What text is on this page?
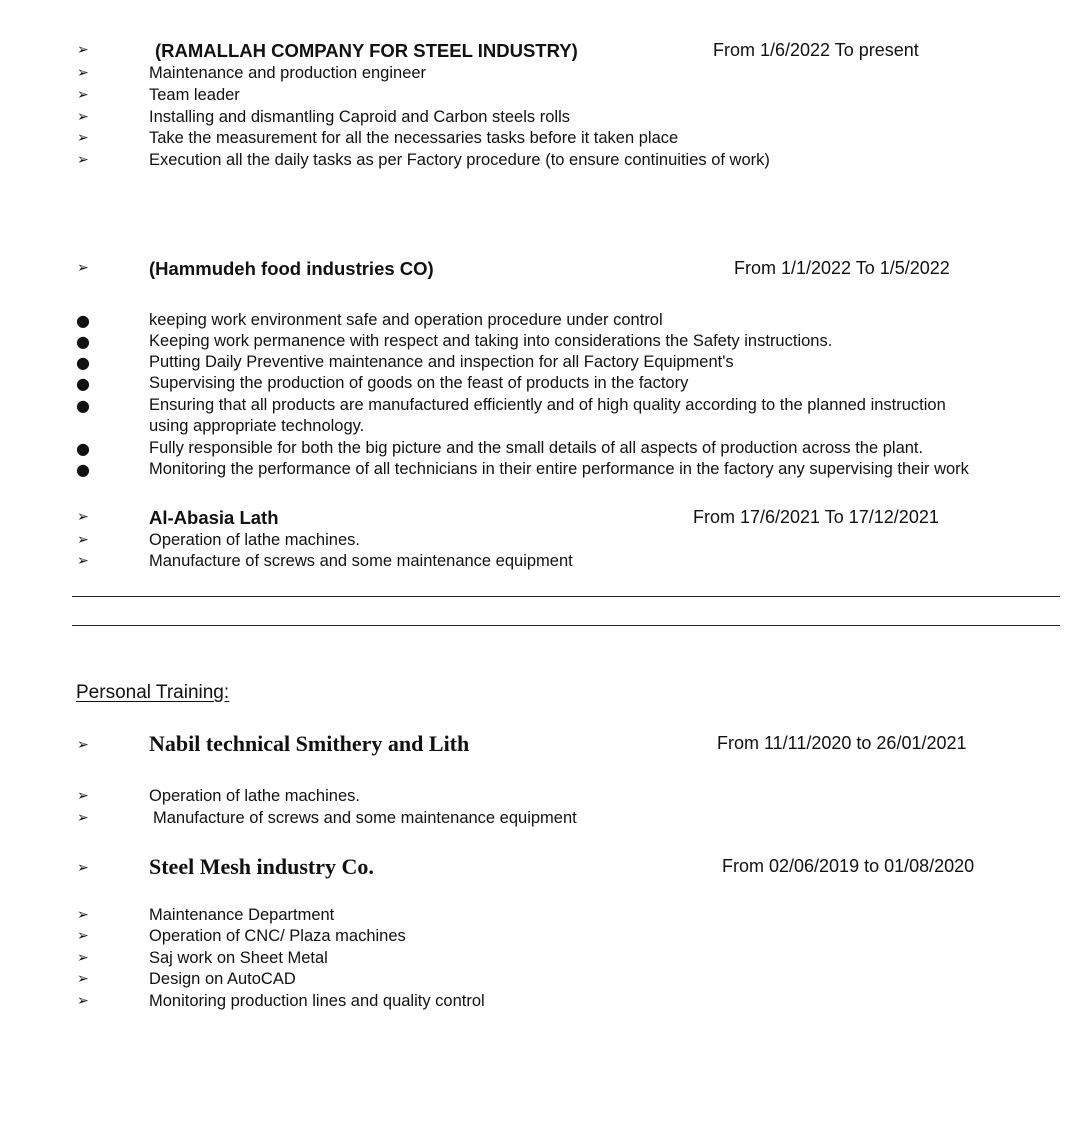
➢	(RAMALLAH COMPANY FOR STEEL INDUSTRY)	From 1/6/2022 To present
➢	Maintenance and production engineer
➢	Team leader
➢	Installing and dismantling Caproid and Carbon steels rolls
➢	Take the measurement for all the necessaries tasks before it taken place
➢	Execution all the daily tasks as per Factory procedure (to ensure continuities of work)
➢	(Hammudeh food industries CO)	From 1/1/2022 To 1/5/2022
●	keeping work environment safe and operation procedure under control
●	Keeping work permanence with respect and taking into considerations the Safety instructions.
●	Putting Daily Preventive maintenance and inspection for all Factory Equipment's
●	Supervising the production of goods on the feast of products in the factory
●	Ensuring that all products are manufactured efficiently and of high quality according to the planned instruction
using appropriate technology.
●	Fully responsible for both the big picture and the small details of all aspects of production across the plant.
●	Monitoring the performance of all technicians in their entire performance in the factory any supervising their work
➢	Al-Abasia Lath	From 17/6/2021 To 17/12/2021
➢	Operation of lathe machines.
➢	Manufacture of screws and some maintenance equipment
Personal Training:
➢	Nabil technical Smithery and Lith	From 11/11/2020 to 26/01/2021
➢	Operation of lathe machines.
➢	Manufacture of screws and some maintenance equipment
➢	Steel Mesh industry Co.	From 02/06/2019 to 01/08/2020
➢	Maintenance Department
➢	Operation of CNC/ Plaza machines
➢	Saj work on Sheet Metal
➢	Design on AutoCAD
➢	Monitoring production lines and quality control
